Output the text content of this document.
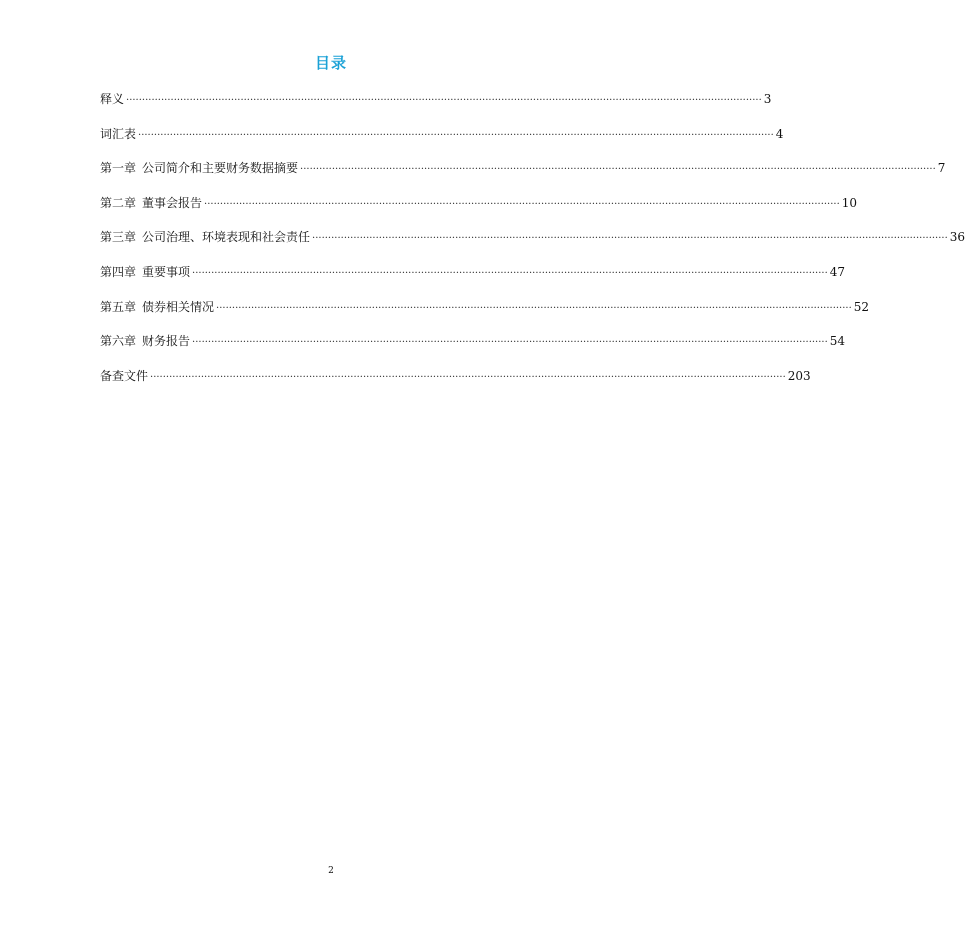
目录
释义 ········································································································································································································ 3
词汇表 ········································································································································································································ 4
第一章 公司简介和主要财务数据摘要 ········································································································································································································ 7
第二章 董事会报告 ········································································································································································································ 10
第三章 公司治理、环境表现和社会责任 ········································································································································································································ 36
第四章 重要事项 ········································································································································································································ 47
第五章 债券相关情况 ········································································································································································································ 52
第六章 财务报告 ········································································································································································································ 54
备查文件 ········································································································································································································ 203
2
